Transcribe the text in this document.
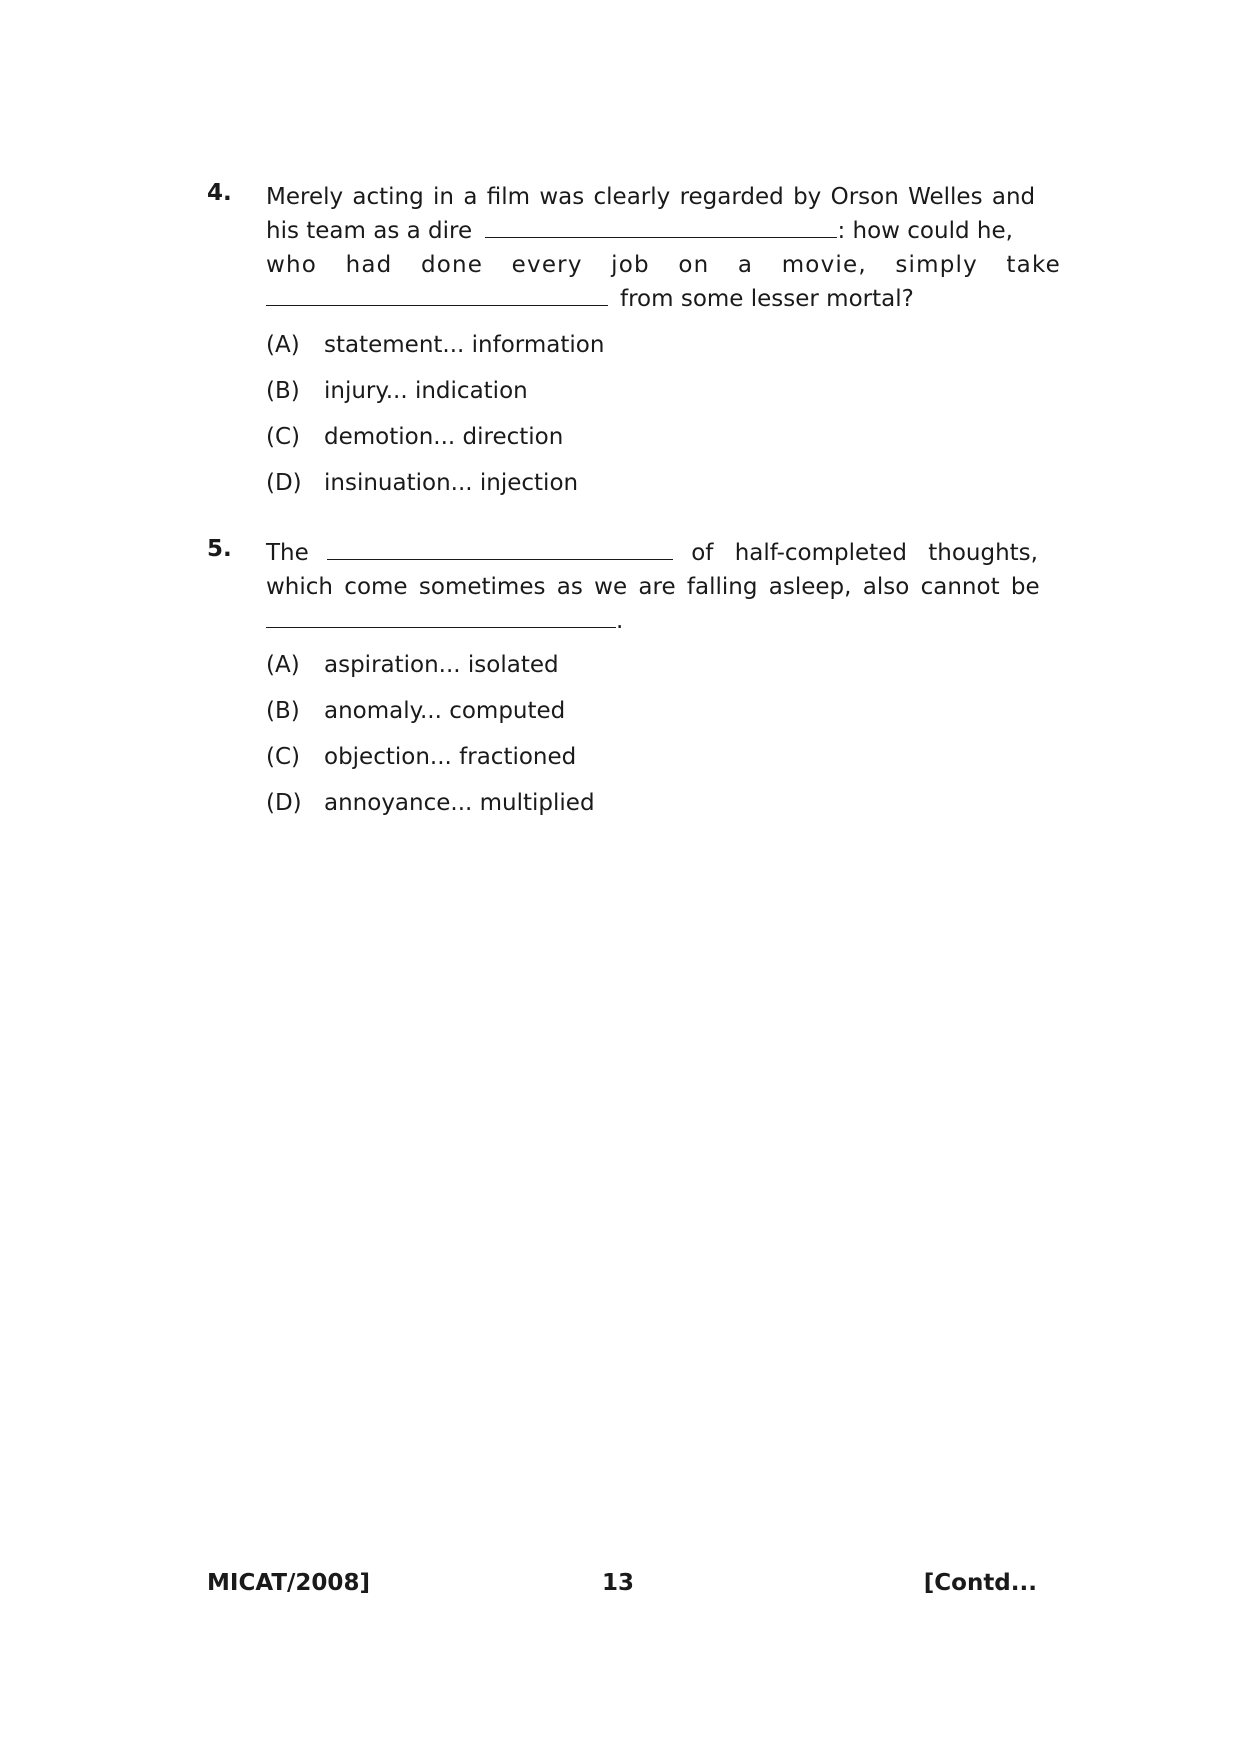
4. Merely acting in a film was clearly regarded by Orson Welles and
his team as a dire	: how could he,
who had done every job on a movie, simply take
from some lesser mortal?
(A) statement... information
(B) injury... indication
(C) demotion... direction
(D) insinuation... injection
5. The	of half-completed thoughts,
which come sometimes as we are falling asleep, also cannot be
.
(A) aspiration... isolated
(B) anomaly... computed
(C) objection... fractioned
(D) annoyance... multiplied
MICAT/2008]	13	[Contd...
